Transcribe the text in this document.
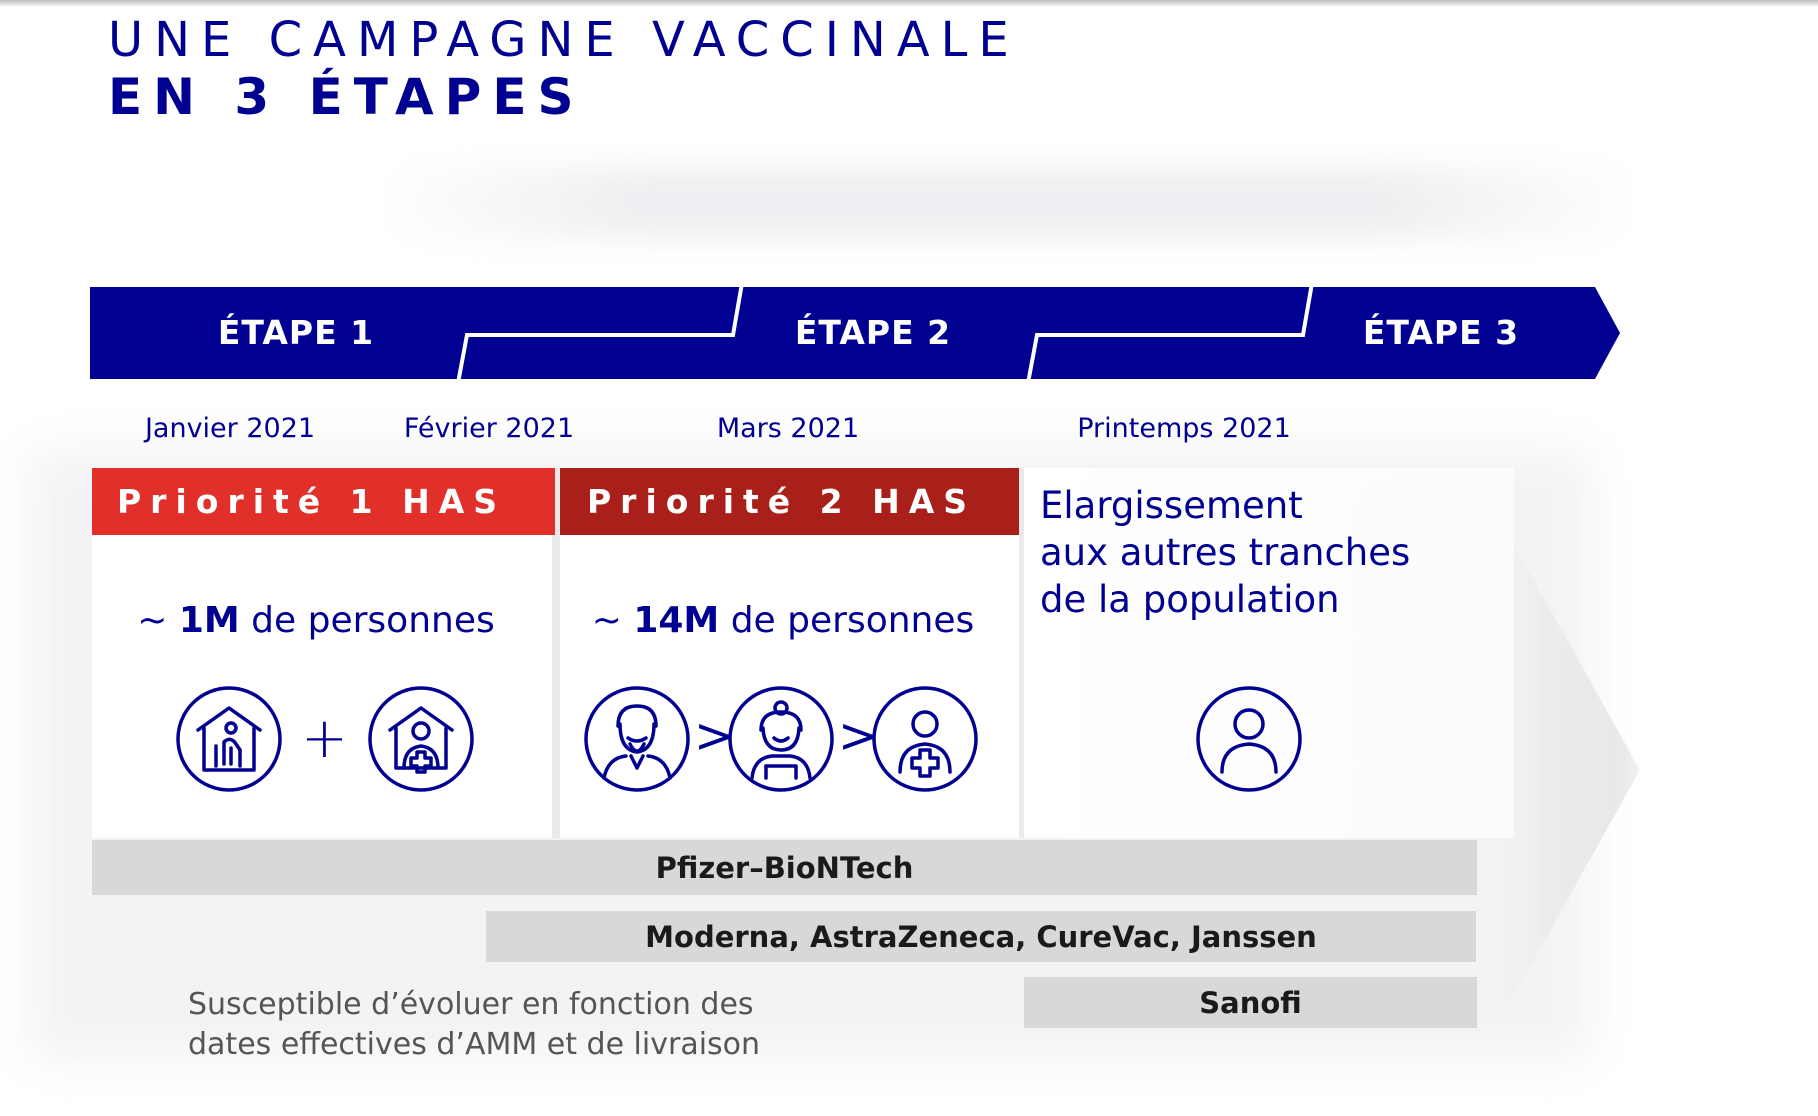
UNE CAMPAGNE VACCINALE
EN 3 ÉTAPES
ÉTAPE 1	ÉTAPE 2	ÉTAPE 3
Janvier 2021	Février 2021	Mars 2021	Printemps 2021
Priorité 1 HAS Priorité 2 HAS
~ 1M de personnes	~ 14M de personnes
Elargissement
aux autres tranches
de la population
+	> >
Pfizer–BioNTech
Moderna, AstraZeneca, CureVac, Janssen
Sanofi
Susceptible d’évoluer en fonction des
dates effectives d’AMM et de livraison
